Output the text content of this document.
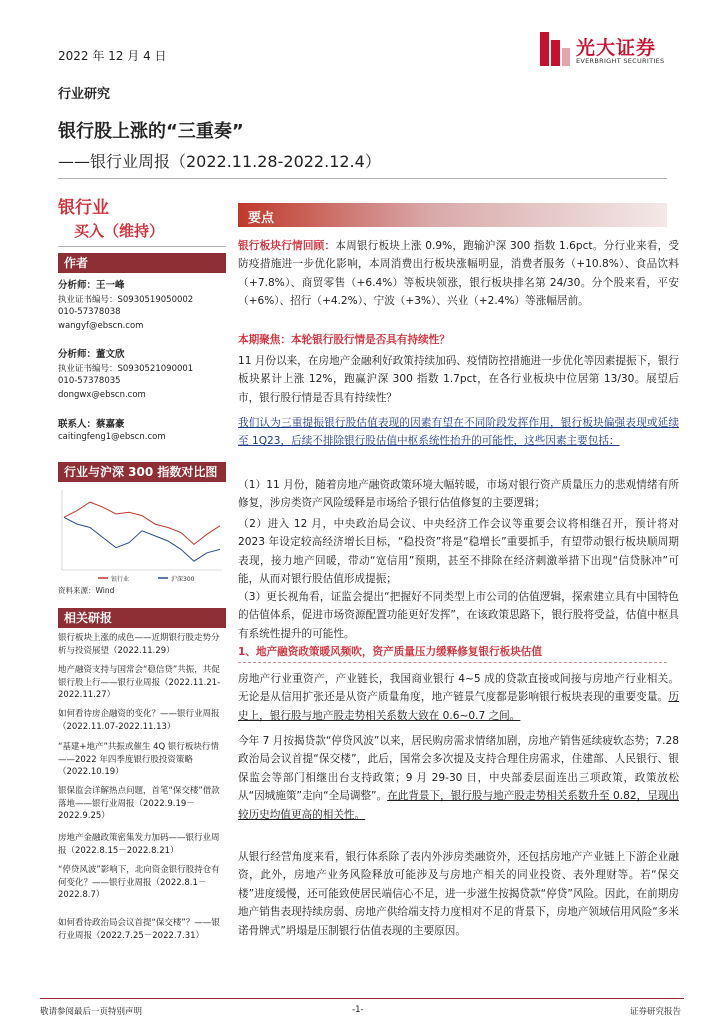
2022 年 12 月 4 日	光大证券
EVERBRIGHT SECURITIES
行业研究
银行股上涨的“三重奏”
——银行业周报（2022.11.28-2022.12.4）
银行业
买入（维持）
作者
分析师：王一峰
执业证书编号：S0930519050002
010-57378038
wangyf@ebscn.com
分析师：董文欣
执业证书编号：S0930521090001
010-57378035
dongwx@ebscn.com
联系人：蔡嘉豪
caitingfeng1@ebscn.com
行业与沪深 300 指数对比图
银行业	沪深300
资料来源：Wind
相关研报
银行板块上涨的成色——近期银行股走势分析与投资展望（2022.11.29）
地产融资支持与国常会“稳信贷”共振，共促银行股上行——银行业周报（2022.11.21-2022.11.27）
如何看待房企融资的变化？——银行业周报（2022.11.07-2022.11.13）
“基建+地产”共振或催生 4Q 银行板块行情——2022 年四季度银行股投资策略（2022.10.19）
银保监会详解热点问题，首笔“保交楼”借款落地——银行业周报（2022.9.19－2022.9.25）
房地产金融政策密集发力加码——银行业周报（2022.8.15－2022.8.21）
“停贷风波”影响下，北向资金银行股持仓有何变化？——银行业周报（2022.8.1－2022.8.7）
如何看待政治局会议首提“保交楼”？——银行业周报（2022.7.25－2022.7.31）
要点
银行板块行情回顾：本周银行板块上涨 0.9%，跑输沪深 300 指数 1.6pct。分行业来看，受防疫措施进一步优化影响，本周消费出行板块涨幅明显，消费者服务（+10.8%）、食品饮料（+7.8%）、商贸零售（+6.4%）等板块领涨，银行板块排名第 24/30。分个股来看，平安（+6%）、招行（+4.2%）、宁波（+3%）、兴业（+2.4%）等涨幅居前。
本期聚焦：本轮银行股行情是否具有持续性？
11 月份以来，在房地产金融利好政策持续加码、疫情防控措施进一步优化等因素提振下，银行板块累计上涨 12%，跑赢沪深 300 指数 1.7pct，在各行业板块中位居第 13/30。展望后市，银行股行情是否具有持续性？
我们认为三重提振银行股估值表现的因素有望在不同阶段发挥作用，银行板块偏强表现或延续至 1Q23，后续不排除银行股估值中枢系统性抬升的可能性，这些因素主要包括：
（1）11 月份，随着房地产融资政策环境大幅转暖，市场对银行资产质量压力的悲观情绪有所修复，涉房类资产风险缓释是市场给予银行估值修复的主要逻辑；
（2）进入 12 月，中央政治局会议、中央经济工作会议等重要会议将相继召开，预计将对 2023 年设定较高经济增长目标，“稳投资”将是“稳增长”重要抓手，有望带动银行板块顺周期表现，接力地产回暖，带动“宽信用”预期，甚至不排除在经济刺激举措下出现“信贷脉冲”可能，从而对银行股估值形成提振；
（3）更长视角看，证监会提出“把握好不同类型上市公司的估值逻辑，探索建立具有中国特色的估值体系，促进市场资源配置功能更好发挥”，在该政策思路下，银行股将受益，估值中枢具有系统性提升的可能性。
1、地产融资政策暖风频吹，资产质量压力缓释修复银行板块估值
房地产行业重资产，产业链长，我国商业银行 4~5 成的贷款直接或间接与房地产行业相关。无论是从信用扩张还是从资产质量角度，地产链景气度都是影响银行板块表现的重要变量。历史上，银行股与地产股走势相关系数大致在 0.6~0.7 之间。
今年 7 月按揭贷款“停贷风波”以来，居民购房需求情绪加剧，房地产销售延续疲软态势；7.28 政治局会议首提“保交楼”，此后，国常会多次提及支持合理住房需求，住建部、人民银行、银保监会等部门相继出台支持政策；9 月 29-30 日，中央部委层面连出三项政策，政策放松从“因城施策”走向“全局调整”。在此背景下，银行股与地产股走势相关系数升至 0.82，呈现出较历史均值更高的相关性。
从银行经营角度来看，银行体系除了表内外涉房类融资外，还包括房地产产业链上下游企业融资，此外，房地产业务风险释放可能涉及与房地产相关的同业投资、表外理财等。若“保交楼”进度缓慢，还可能致使居民端信心不足，进一步滋生按揭贷款“停贷”风险。因此，在前期房地产销售表现持续房弱、房地产供给端支持力度相对不足的背景下，房地产领域信用风险“多米诺骨牌式”坍塌是压制银行估值表现的主要原因。
敬请参阅最后一页特别声明	-1-	证券研究报告
